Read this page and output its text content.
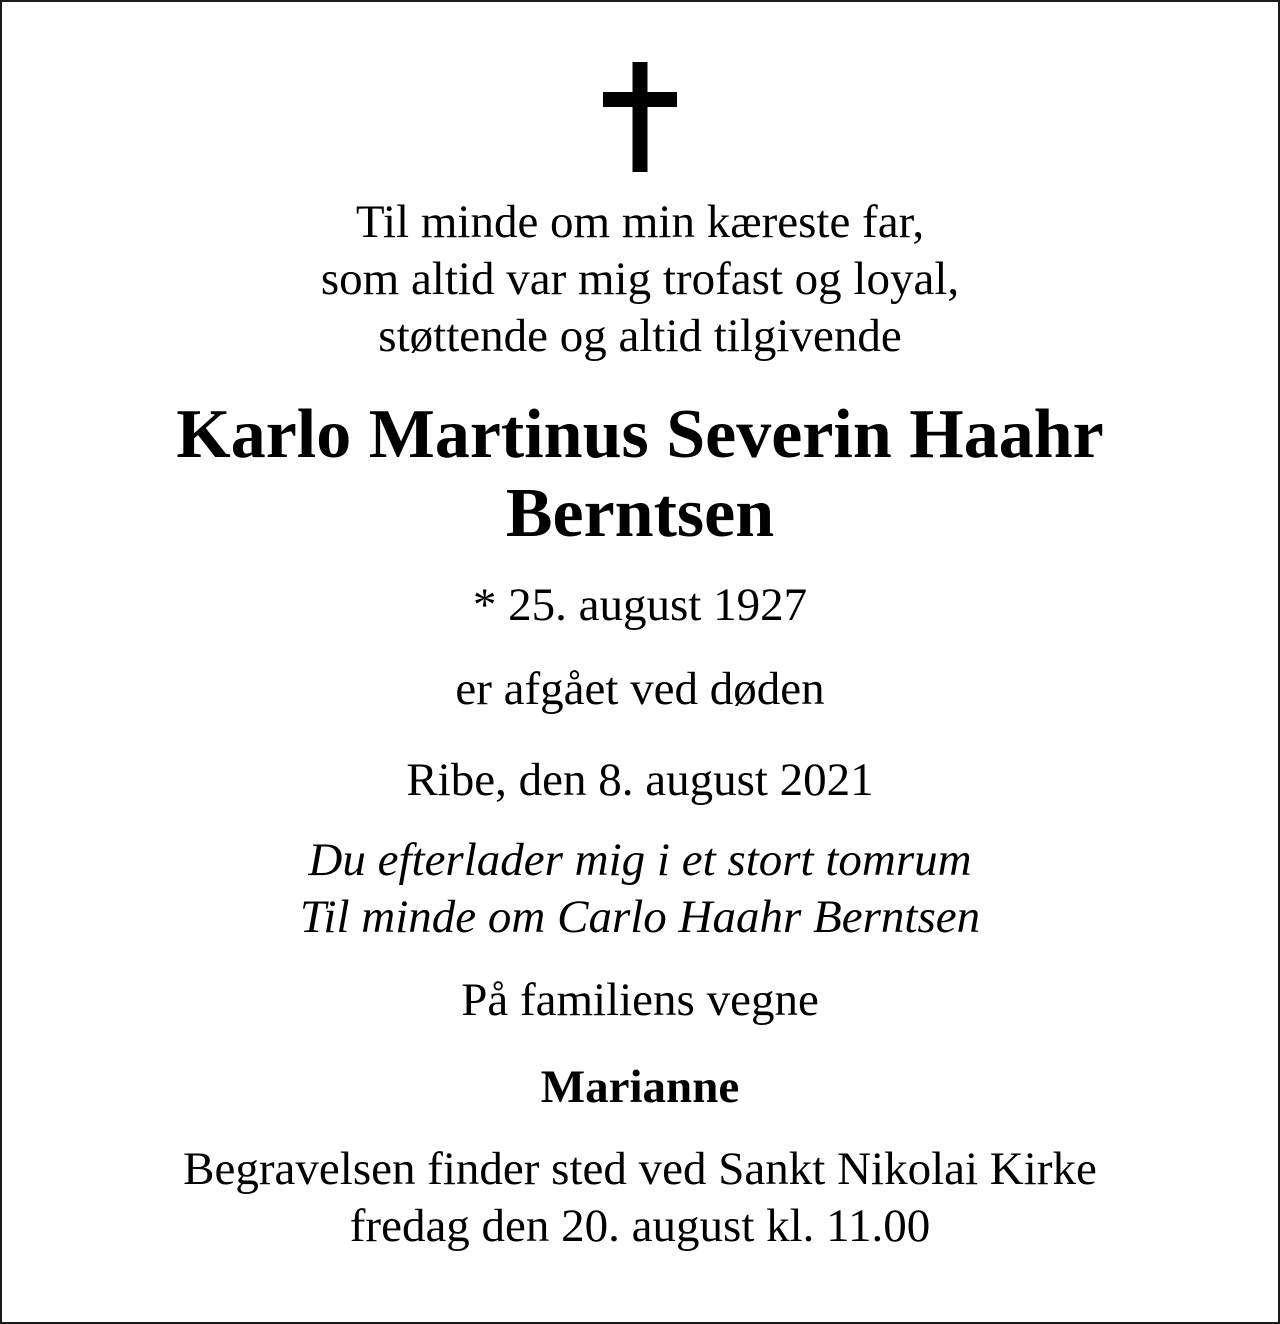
Til minde om min kæreste far,
som altid var mig trofast og loyal,
støttende og altid tilgivende

Karlo Martinus Severin Haahr Berntsen

* 25. august 1927

er afgået ved døden

Ribe, den 8. august 2021

Du efterlader mig i et stort tomrum
Til minde om Carlo Haahr Berntsen

På familiens vegne

Marianne

Begravelsen finder sted ved Sankt Nikolai Kirke
fredag den 20. august kl. 11.00
